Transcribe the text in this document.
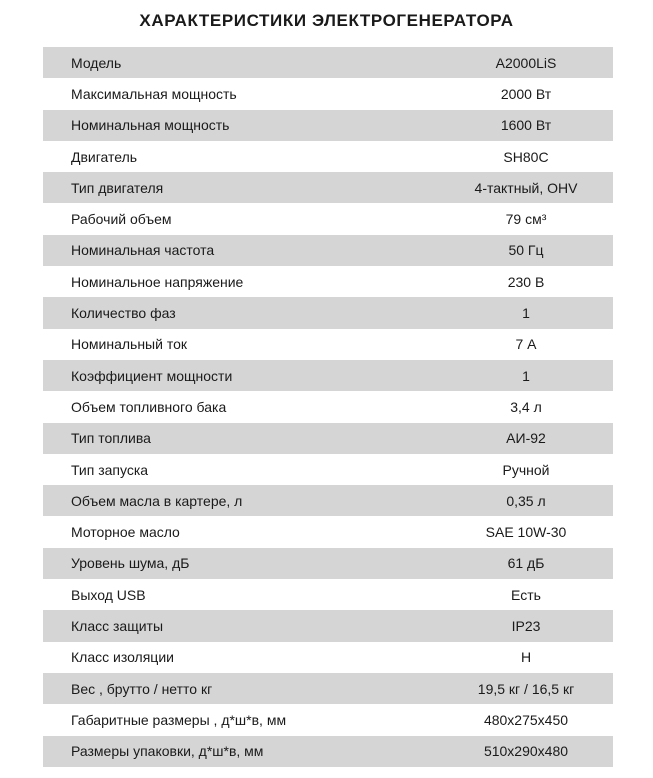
ХАРАКТЕРИСТИКИ ЭЛЕКТРОГЕНЕРАТОРА
Модель	A2000LiS
Максимальная мощность	2000 Вт
Номинальная мощность	1600 Вт
Двигатель	SH80C
Тип двигателя	4-тактный, OHV
Рабочий объем	79 см³
Номинальная частота	50 Гц
Номинальное напряжение	230 В
Количество фаз	1
Номинальный ток	7 А
Коэффициент мощности	1
Объем топливного бака	3,4 л
Тип топлива	АИ-92
Тип запуска	Ручной
Объем масла в картере, л	0,35 л
Моторное масло	SAE 10W-30
Уровень шума, дБ	61 дБ
Выход USB	Есть
Класс защиты	IP23
Класс изоляции	H
Вес , брутто / нетто кг	19,5 кг / 16,5 кг
Габаритные размеры , д*ш*в, мм	480x275x450
Размеры упаковки, д*ш*в, мм	510x290x480
